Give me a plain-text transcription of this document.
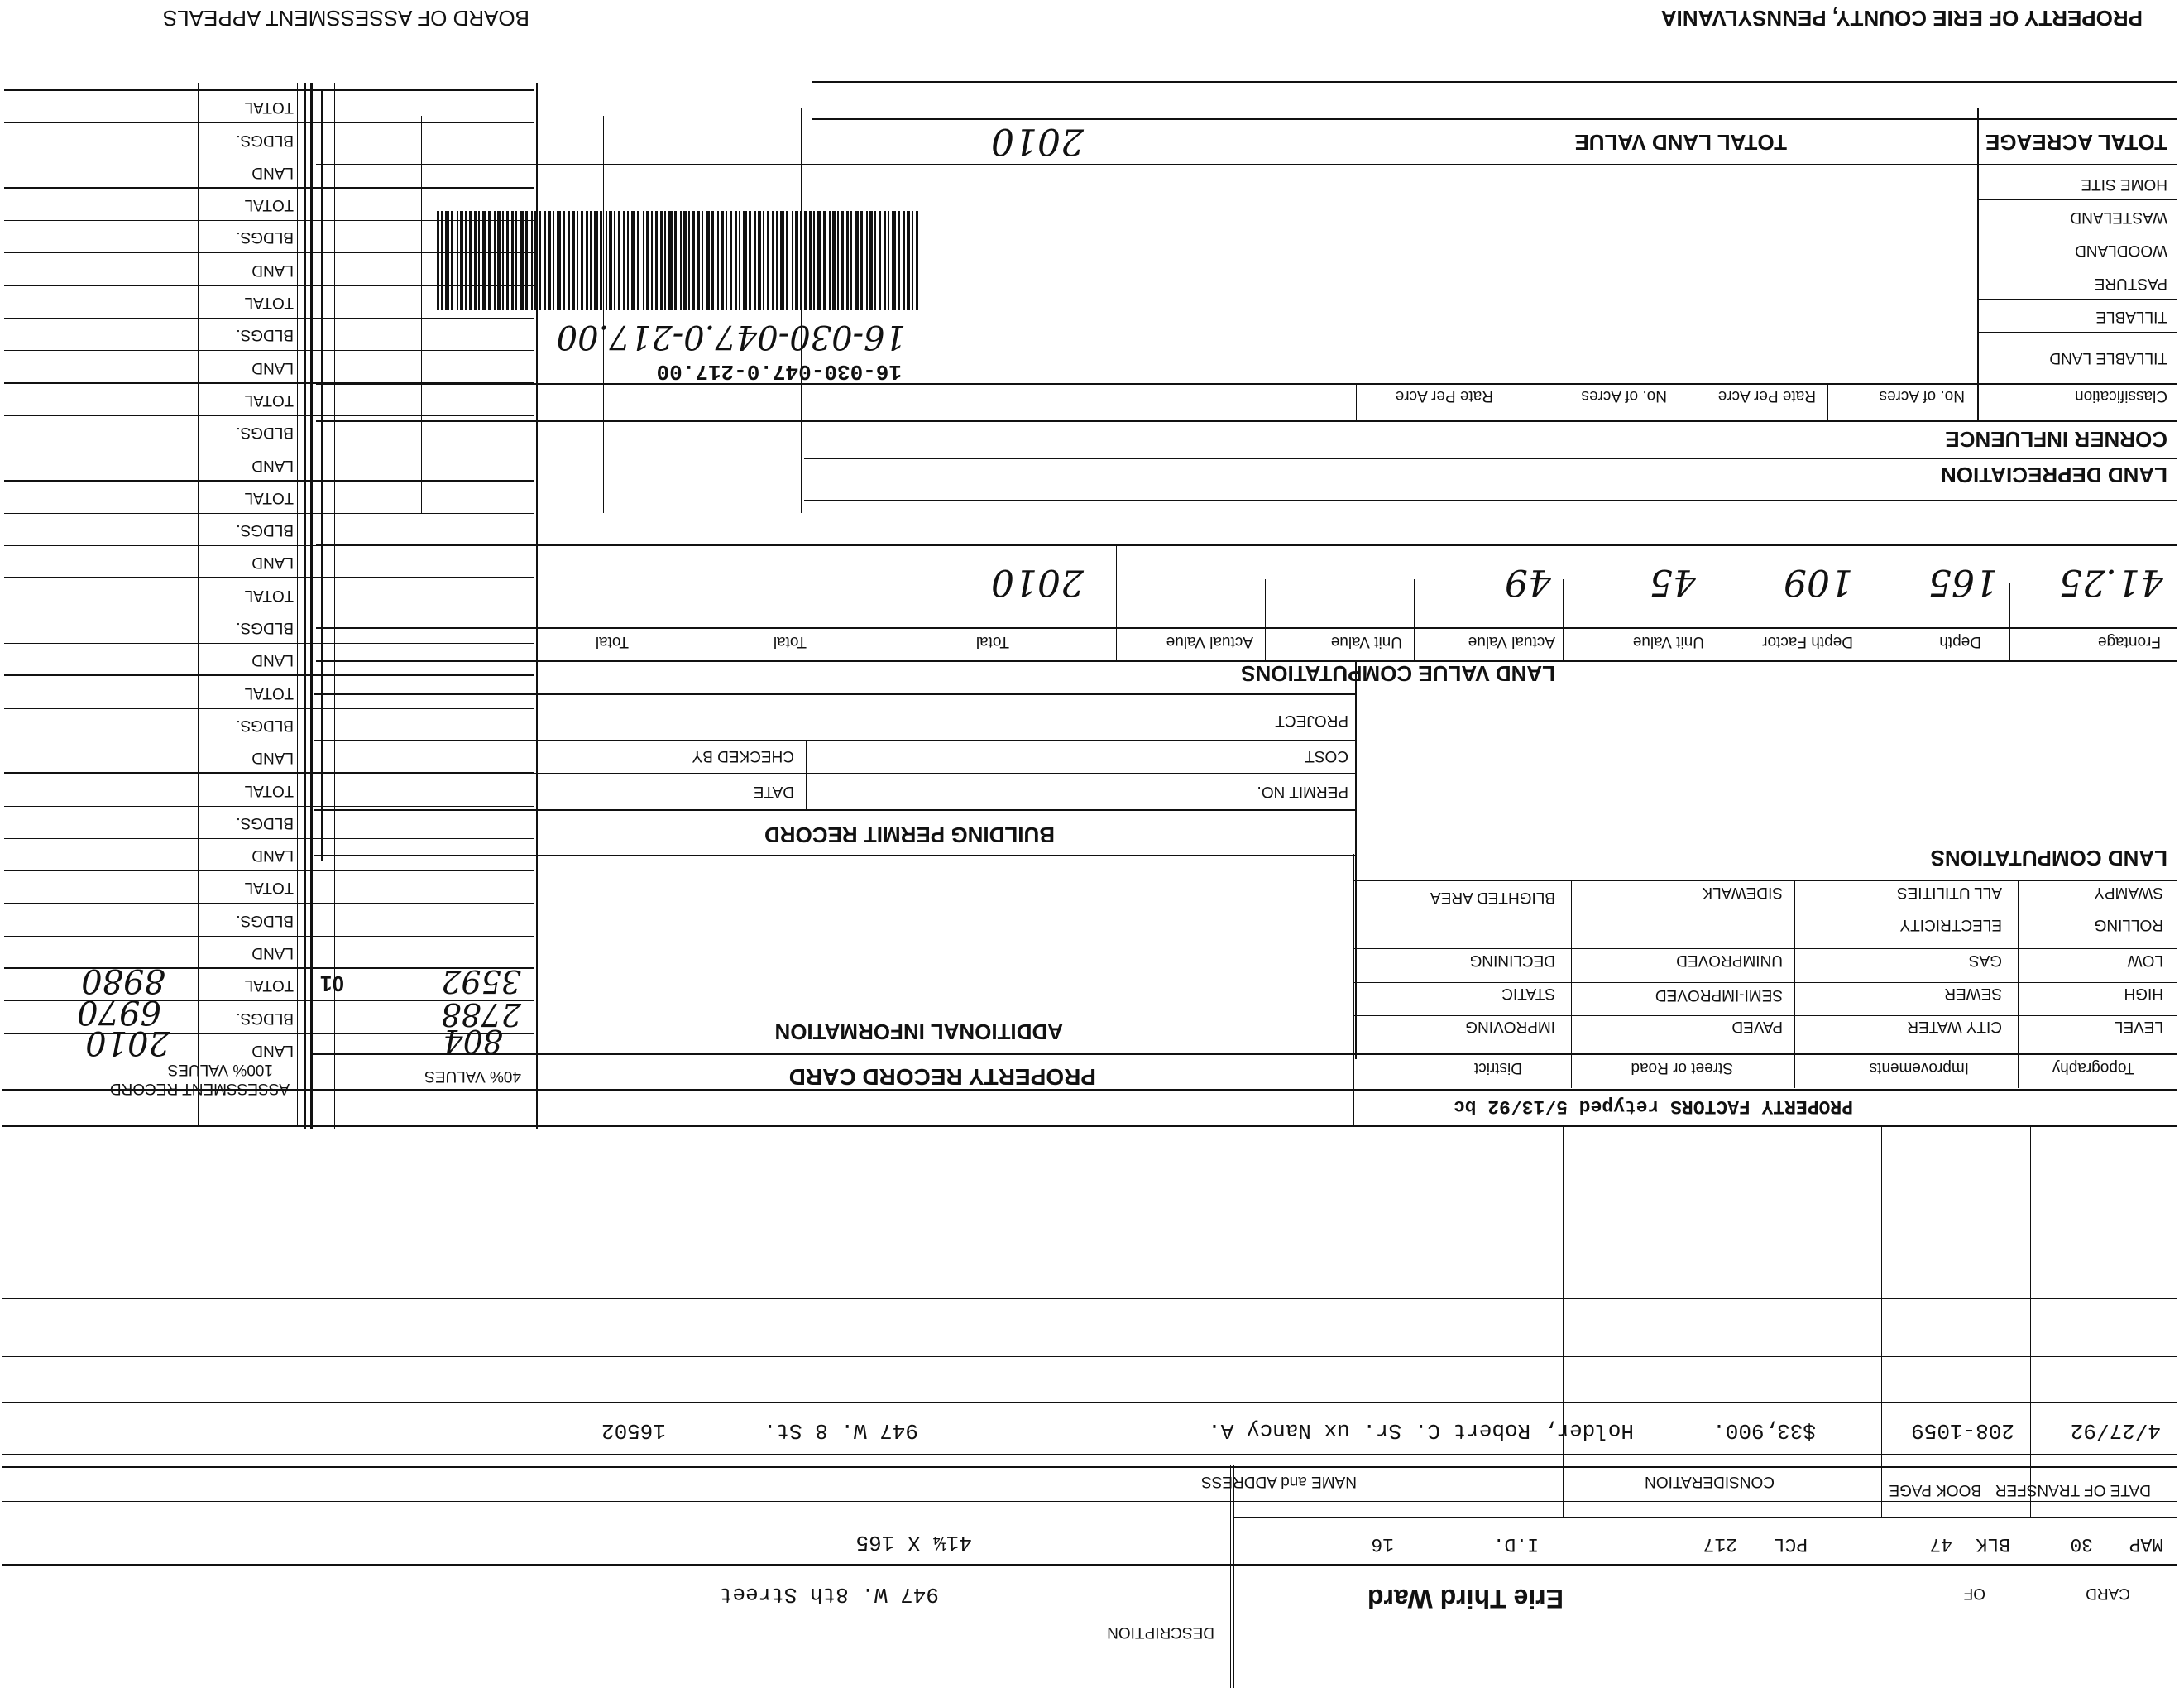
PROPERTY OF ERIE COUNTY, PENNSYLVANIA
BOARD OF ASSESSMENT APPEALS
TOTAL ACREAGE
TOTAL LAND VALUE
HOME SITE
WASTELAND
WOODLAND
PASTURE
TILLABLE
TILLABLE LAND
Classification
No. of Acres
Rate Per Acre
No. of Acres
Rate Per Acre
16-030-047.0-217.00
16-030-047.0-217.00
2010
CORNER INFLUENCE
LAND DEPRECIATION
41.25
165
109
45
49
2010
Frontage
Depth
Depth Factor
Unit Value
Actual Value
Unit Value
Actual Value
Total
Total
Total
LAND VALUE COMPUTATIONS
LAND COMPUTATIONS
PROJECT
COST
CHECKED BY
PERMIT NO.
DATE
BUILDING PERMIT RECORD
SWAMPY
ALL UTILITIES
SIDEWALK
BLIGHTED AREA
ROLLING
ELECTRICITY
LOW
GAS
UNIMPROVED
DECLINING
HIGH
SEWER
SEMI-IMPROVED
STATIC
LEVEL
CITY WATER
PAVED
IMPROVING
Topography
Improvements
Street or Road
District
PROPERTY FACTORS retyped 5/13/92 bc
PROPERTY RECORD CARD
ADDITIONAL INFORMATION
40% VALUES
804
2788
3592
01
ASSESSMENT RECORD
100% VALUES
2010
6970
8980
4/27/92
208-1059
$33,900.
Holder, Robert C. Sr. ux Nancy A.
947 W. 8 St.
16502
DATE OF TRANSFER
BOOK PAGE
CONSIDERATION
NAME and ADDRESS
MAP
30
BLK
47
PCL
217
I.D.
16
41¼ X 165
CARD
OF
Erie Third Ward
DESCRIPTION
947 W. 8th Street
LAND
BLDGS.
TOTAL
LAND
BLDGS.
TOTAL
LAND
BLDGS.
TOTAL
LAND
BLDGS.
TOTAL
LAND
BLDGS.
TOTAL
LAND
BLDGS.
TOTAL
LAND
BLDGS.
TOTAL
LAND
BLDGS.
TOTAL
LAND
BLDGS.
TOTAL
LAND
BLDGS.
TOTAL
